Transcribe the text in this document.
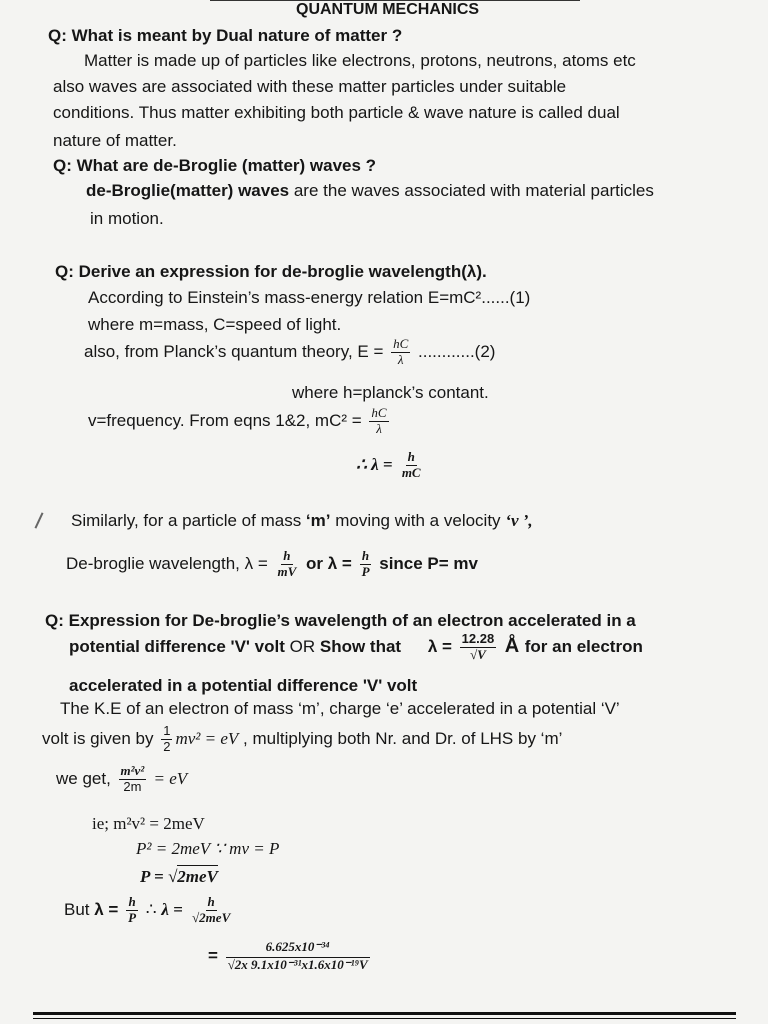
QUANTUM MECHANICS
Q: What is meant by Dual nature of matter ?
Matter is made up of particles like electrons, protons, neutrons, atoms etc
also waves are associated with these matter particles under suitable
conditions. Thus matter exhibiting both particle & wave nature is called dual
nature of matter.
Q: What are de-Broglie (matter) waves ?
de-Broglie(matter) waves are the waves associated with material particles
in motion.
Q: Derive an expression for de-broglie wavelength(λ).
According to Einstein’s mass-energy relation E=mC²......(1)
where m=mass, C=speed of light.
also, from Planck’s quantum theory, $E = \frac{hC}{\lambda} ............(2)$
where h=planck’s contant.
v=frequency. From eqns 1&2, $mC^2 = \frac{hC}{\lambda}$
∴ $\lambda = \frac{h}{mC}$
Similarly, for a particle of mass ‘m’ moving with a velocity ‘v ’,
De-broglie wavelength, $\lambda = \frac{h}{mV}$ or $\lambda = \frac{h}{P}$ since P= mv
Q: Expression for De-broglie’s wavelength of an electron accelerated in a
potential difference 'V' volt OR Show that $\lambda = \frac{12.28}{√V}$ Å for an electron
accelerated in a potential difference 'V' volt
The K.E of an electron of mass ‘m’, charge ‘e’ accelerated in a potential ‘V’
volt is given by $\frac{1}{2} mv^2$ = eV , multiplying both Nr. and Dr. of LHS by ‘m’
we get, $\frac{\text{m²v²}}{2m}$ = eV
ie; m²v² = 2meV
P² = 2meV ∵ mv = P
P = √2meV
But $\lambda = \frac{h}{P}$ ∴ $\lambda = \frac{h}{\text{√2meV}}$
= $\frac{\text{6.625x10⁻³⁴}}{\text{√2x 9.1x10⁻³¹x1.6x10⁻¹⁹V}}$
